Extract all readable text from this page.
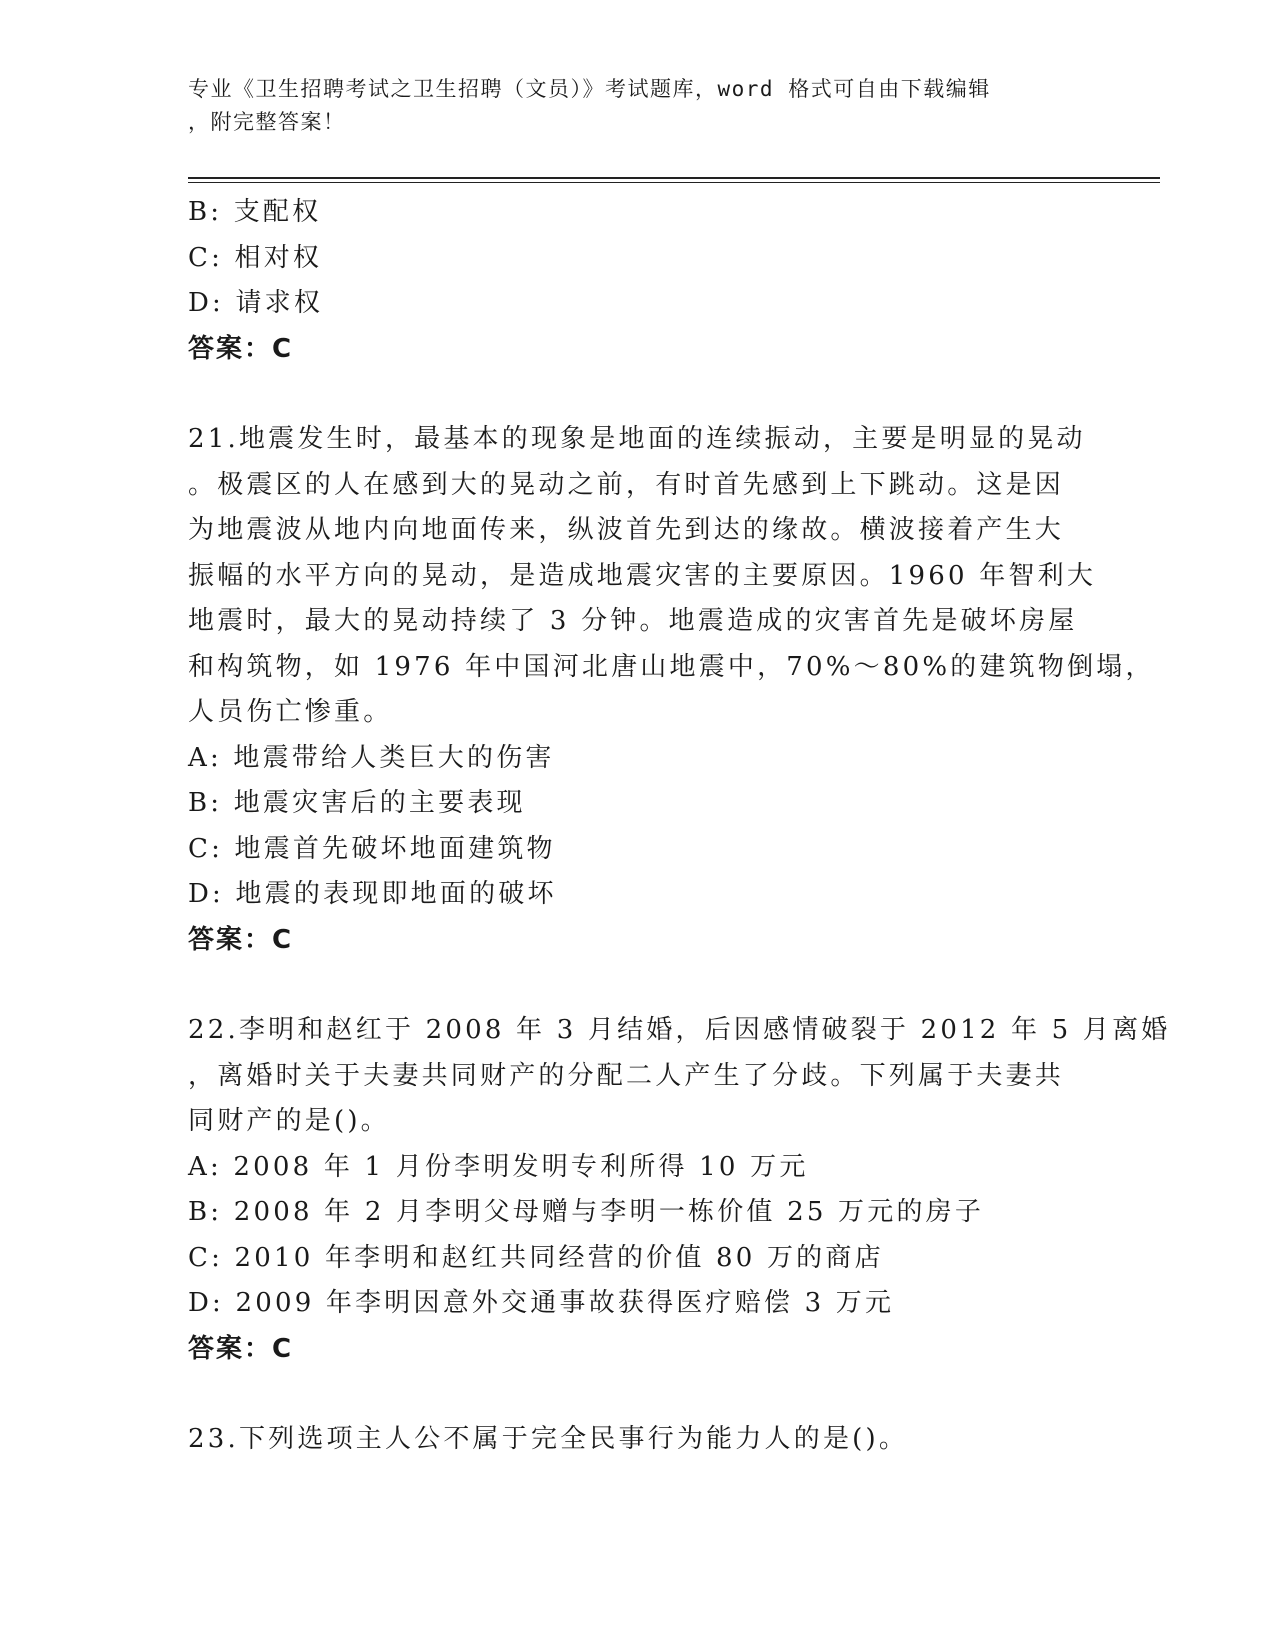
专业《卫生招聘考试之卫生招聘（文员）》考试题库，word 格式可自由下载编辑
，附完整答案！
B: 支配权
C: 相对权
D: 请求权
答案：C
21.地震发生时，最基本的现象是地面的连续振动，主要是明显的晃动
。极震区的人在感到大的晃动之前，有时首先感到上下跳动。这是因
为地震波从地内向地面传来，纵波首先到达的缘故。横波接着产生大
振幅的水平方向的晃动，是造成地震灾害的主要原因。1960 年智利大
地震时，最大的晃动持续了 3 分钟。地震造成的灾害首先是破坏房屋
和构筑物，如 1976 年中国河北唐山地震中，70%～80%的建筑物倒塌，
人员伤亡惨重。
A: 地震带给人类巨大的伤害
B: 地震灾害后的主要表现
C: 地震首先破坏地面建筑物
D: 地震的表现即地面的破坏
答案：C
22.李明和赵红于 2008 年 3 月结婚，后因感情破裂于 2012 年 5 月离婚
，离婚时关于夫妻共同财产的分配二人产生了分歧。下列属于夫妻共
同财产的是()。
A: 2008 年 1 月份李明发明专利所得 10 万元
B: 2008 年 2 月李明父母赠与李明一栋价值 25 万元的房子
C: 2010 年李明和赵红共同经营的价值 80 万的商店
D: 2009 年李明因意外交通事故获得医疗赔偿 3 万元
答案：C
23.下列选项主人公不属于完全民事行为能力人的是()。
